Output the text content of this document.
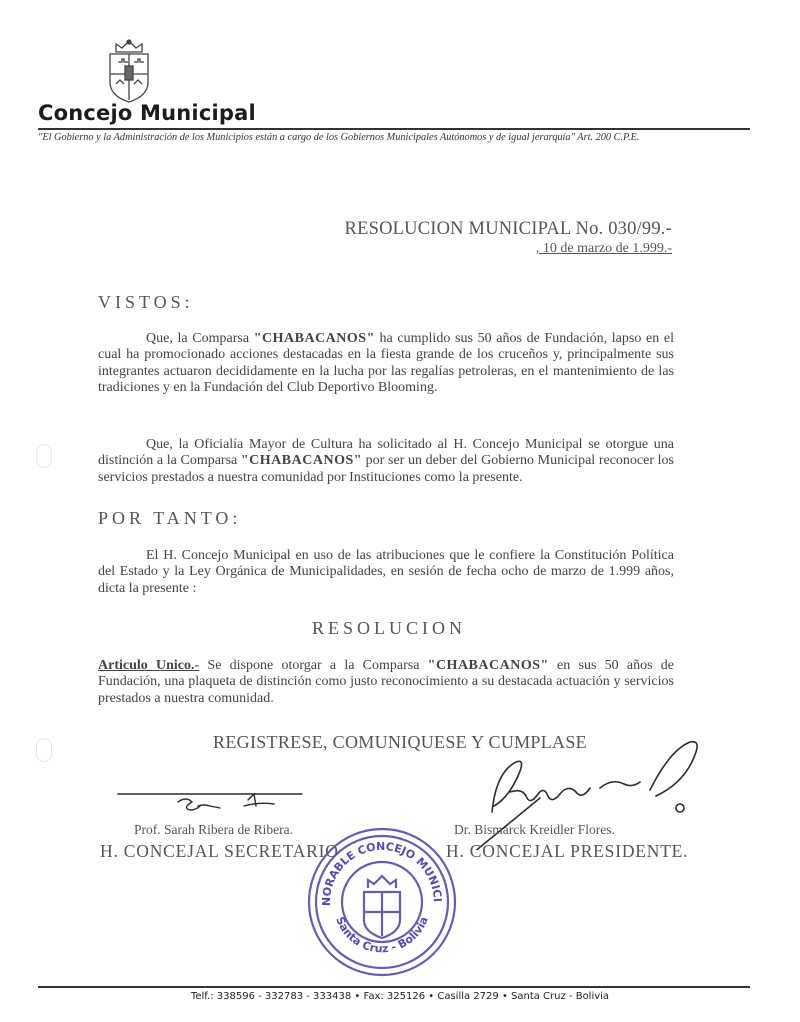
Concejo Municipal
"El Gobierno y la Administración de los Municipios están a cargo de los Gobiernos Municipales Autónomos y de igual jerarquía" Art. 200 C.P.E.
RESOLUCION MUNICIPAL No. 030/99.-
, 10 de marzo de 1.999.-
VISTOS:
Que, la Comparsa "CHABACANOS" ha cumplido sus 50 años de Fundación, lapso en el cual ha promocionado acciones destacadas en la fiesta grande de los cruceños y, principalmente sus integrantes actuaron decididamente en la lucha por las regalías petroleras, en el mantenimiento de las tradiciones y en la Fundación del Club Deportivo Blooming.
Que, la Oficialía Mayor de Cultura ha solicitado al H. Concejo Municipal se otorgue una distinción a la Comparsa "CHABACANOS" por ser un deber del Gobierno Municipal reconocer los servicios prestados a nuestra comunidad por Instituciones como la presente.
POR TANTO:
El H. Concejo Municipal en uso de las atribuciones que le confiere la Constitución Política del Estado y la Ley Orgánica de Municipalidades, en sesión de fecha ocho de marzo de 1.999 años, dicta la presente :
RESOLUCION
Articulo Unico.- Se dispone otorgar a la Comparsa "CHABACANOS" en sus 50 años de Fundación, una plaqueta de distinción como justo reconocimiento a su destacada actuación y servicios prestados a nuestra comunidad.
REGISTRESE, COMUNIQUESE Y CUMPLASE
Prof. Sarah Ribera de Ribera.
H. CONCEJAL SECRETARIO
Dr. Bismarck Kreidler Flores.
H. CONCEJAL PRESIDENTE.
NORABLE CONCEJO MUNICI
Santa Cruz - Bolivia
Telf.: 338596 - 332783 - 333438 • Fax: 325126 • Casilla 2729 • Santa Cruz - Bolivia
